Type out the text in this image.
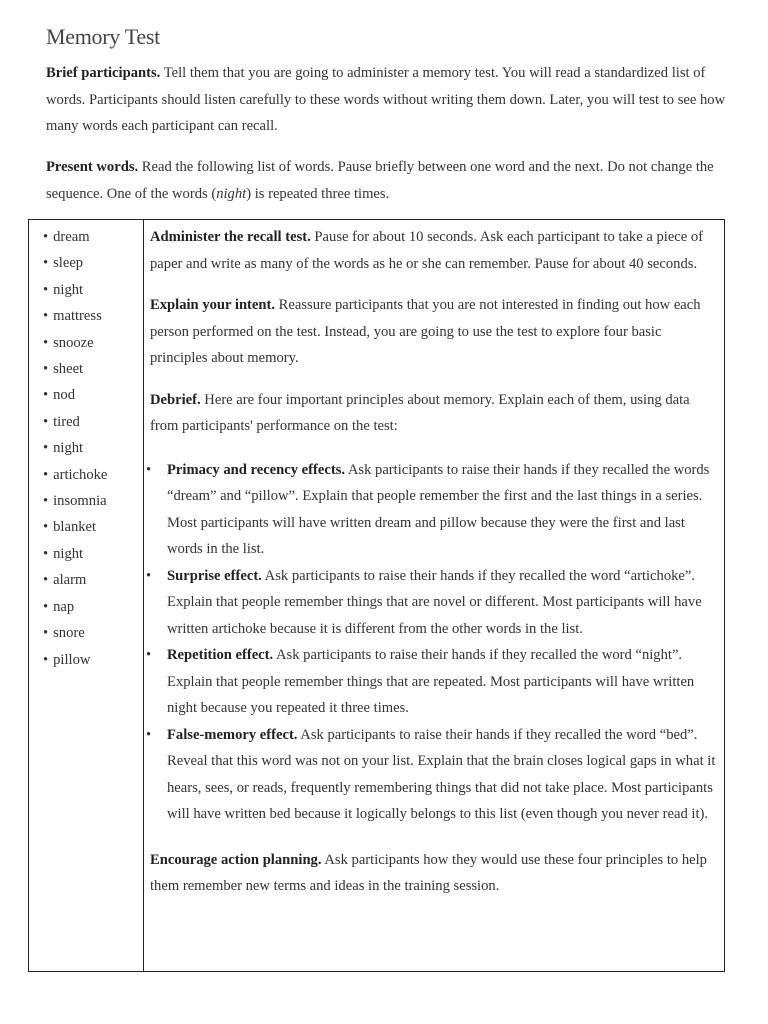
Memory Test

Brief participants. Tell them that you are going to administer a memory test. You will read a standardized list of words. Participants should listen carefully to these words without writing them down. Later, you will test to see how many words each participant can recall.

Present words. Read the following list of words. Pause briefly between one word and the next. Do not change the sequence. One of the words (night) is repeated three times.

• dream
• sleep
• night
• mattress
• snooze
• sheet
• nod
• tired
• night
• artichoke
• insomnia
• blanket
• night
• alarm
• nap
• snore
• pillow

Administer the recall test. Pause for about 10 seconds. Ask each participant to take a piece of paper and write as many of the words as he or she can remember. Pause for about 40 seconds.

Explain your intent. Reassure participants that you are not interested in finding out how each person performed on the test. Instead, you are going to use the test to explore four basic principles about memory.

Debrief. Here are four important principles about memory. Explain each of them, using data from participants' performance on the test:

• Primacy and recency effects. Ask participants to raise their hands if they recalled the words “dream” and “pillow”. Explain that people remember the first and the last things in a series. Most participants will have written dream and pillow because they were the first and last words in the list.
• Surprise effect. Ask participants to raise their hands if they recalled the word “artichoke”. Explain that people remember things that are novel or different. Most participants will have written artichoke because it is different from the other words in the list.
• Repetition effect. Ask participants to raise their hands if they recalled the word “night”. Explain that people remember things that are repeated. Most participants will have written night because you repeated it three times.
• False-memory effect. Ask participants to raise their hands if they recalled the word “bed”. Reveal that this word was not on your list. Explain that the brain closes logical gaps in what it hears, sees, or reads, frequently remembering things that did not take place. Most participants will have written bed because it logically belongs to this list (even though you never read it).

Encourage action planning. Ask participants how they would use these four principles to help them remember new terms and ideas in the training session.
